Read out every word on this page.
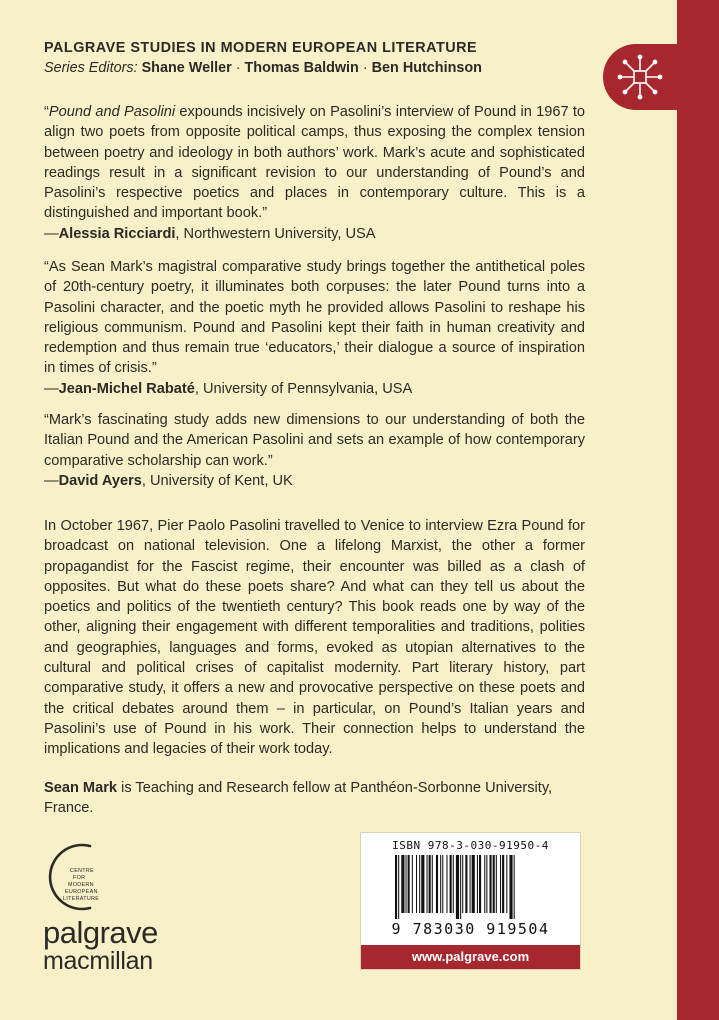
PALGRAVE STUDIES IN MODERN EUROPEAN LITERATURE
Series Editors: Shane Weller · Thomas Baldwin · Ben Hutchinson

“Pound and Pasolini expounds incisively on Pasolini’s interview of Pound in 1967 to align two poets from opposite political camps, thus exposing the complex tension between poetry and ideology in both authors’ work. Mark’s acute and sophisticated readings result in a significant revision to our understanding of Pound’s and Pasolini’s respective poetics and places in contemporary culture. This is a distinguished and important book.”

—Alessia Ricciardi, Northwestern University, USA

“As Sean Mark’s magistral comparative study brings together the antithetical poles of 20th-century poetry, it illuminates both corpuses: the later Pound turns into a Pasolini character, and the poetic myth he provided allows Pasolini to reshape his religious communism. Pound and Pasolini kept their faith in human creativity and redemption and thus remain true ‘educators,’ their dialogue a source of inspiration in times of crisis.”

—Jean-Michel Rabaté, University of Pennsylvania, USA

“Mark’s fascinating study adds new dimensions to our understanding of both the Italian Pound and the American Pasolini and sets an example of how contemporary comparative scholarship can work.”

—David Ayers, University of Kent, UK

In October 1967, Pier Paolo Pasolini travelled to Venice to interview Ezra Pound for broadcast on national television. One a lifelong Marxist, the other a former propagandist for the Fascist regime, their encounter was billed as a clash of opposites. But what do these poets share? And what can they tell us about the poetics and politics of the twentieth century? This book reads one by way of the other, aligning their engagement with different temporalities and traditions, polities and geographies, languages and forms, evoked as utopian alternatives to the cultural and political crises of capitalist modernity. Part literary history, part comparative study, it offers a new and provocative perspective on these poets and the critical debates around them – in particular, on Pound’s Italian years and Pasolini’s use of Pound in his work. Their connection helps to understand the implications and legacies of their work today.

Sean Mark is Teaching and Research fellow at Panthéon-Sorbonne University, France.

CENTRE
FOR
MODERN
EUROPEAN
LITERATURE
palgrave
macmillan
ISBN 978-3-030-91950-4
9 783030 919504
www.palgrave.com
